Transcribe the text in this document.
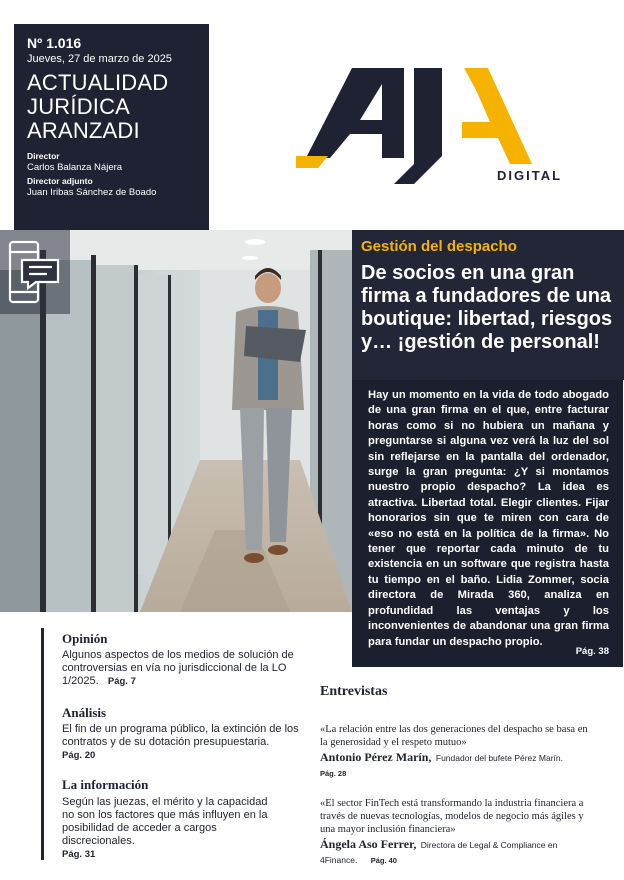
Nº 1.016
Jueves, 27 de marzo de 2025
ACTUALIDAD
JURÍDICA
ARANZADI
Director
Carlos Balanza Nájera
Director adjunto
Juan Iribas Sánchez de Boado
DIGITAL
Gestión del despacho
De socios en una gran firma a fundadores de una boutique: libertad, riesgos y… ¡gestión de personal!

Hay un momento en la vida de todo abogado de una gran firma en el que, entre facturar horas como si no hubiera un mañana y preguntarse si alguna vez verá la luz del sol sin reflejarse en la pantalla del ordenador, surge la gran pregunta: ¿Y si montamos nuestro propio despacho? La idea es atractiva. Libertad total. Elegir clientes. Fijar honorarios sin que te miren con cara de «eso no está en la política de la firma». No tener que reportar cada minuto de tu existencia en un software que registra hasta tu tiempo en el baño. Lidia Zommer, socia directora de Mirada 360, analiza en profundidad las ventajas y los inconvenientes de abandonar una gran firma para fundar un despacho propio.

Pág. 38
Opinión
Algunos aspectos de los medios de solución de controversias en vía no jurisdiccional de la LO 1/2025. Pág. 7
Análisis
El fin de un programa público, la extinción de los contratos y de su dotación presupuestaria.
Pág. 20
La información
Según las juezas, el mérito y la capacidad no son los factores que más influyen en la posibilidad de acceder a cargos discrecionales.
Pág. 31
Entrevistas
«La relación entre las dos generaciones del despacho se basa en la generosidad y el respeto mutuo»
Antonio Pérez Marín, Fundador del bufete Pérez Marín.
Pág. 28
«El sector FinTech está transformando la industria financiera a través de nuevas tecnologías, modelos de negocio más ágiles y una mayor inclusión financiera»
Ángela Aso Ferrer, Directora de Legal & Compliance en 4Finance. Pág. 40
